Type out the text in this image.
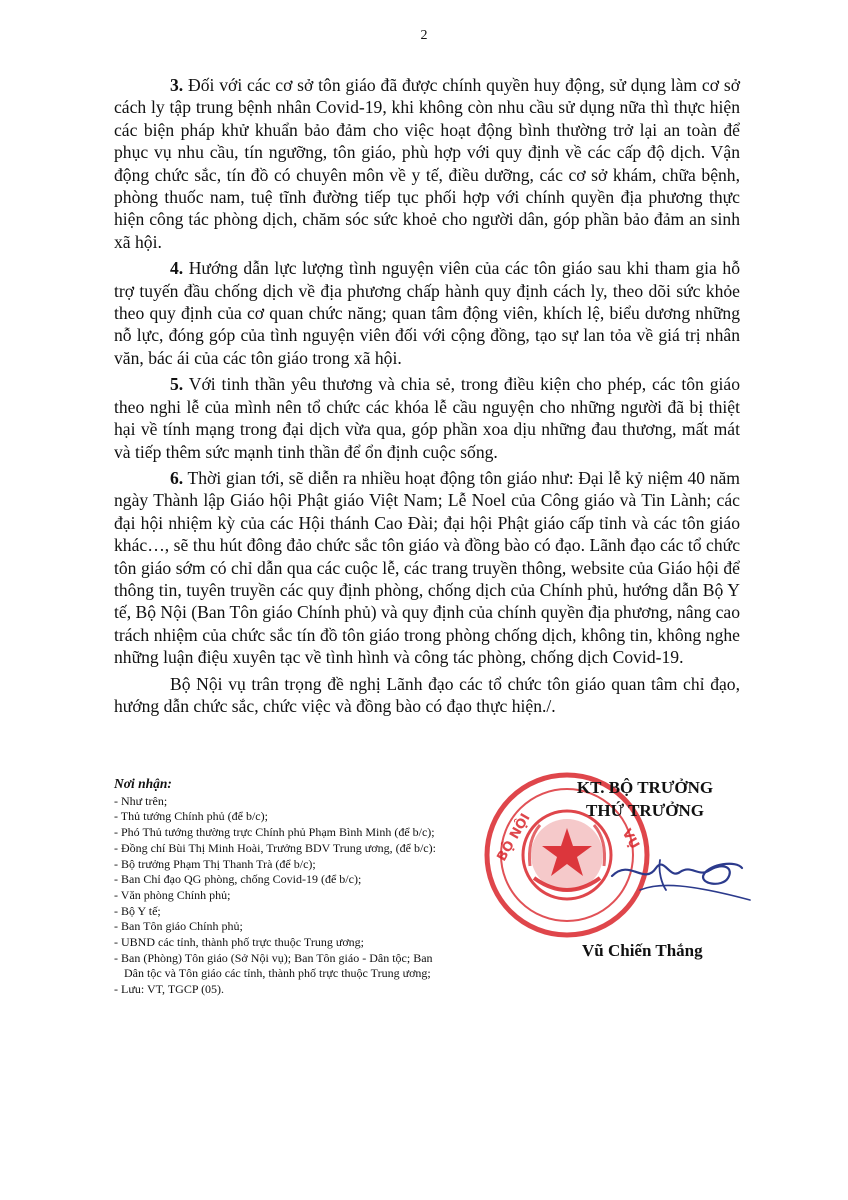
2

3. Đối với các cơ sở tôn giáo đã được chính quyền huy động, sử dụng làm cơ sở cách ly tập trung bệnh nhân Covid-19, khi không còn nhu cầu sử dụng nữa thì thực hiện các biện pháp khử khuẩn bảo đảm cho việc hoạt động bình thường trở lại an toàn để phục vụ nhu cầu, tín ngưỡng, tôn giáo, phù hợp với quy định về các cấp độ dịch. Vận động chức sắc, tín đồ có chuyên môn về y tế, điều dưỡng, các cơ sở khám, chữa bệnh, phòng thuốc nam, tuệ tĩnh đường tiếp tục phối hợp với chính quyền địa phương thực hiện công tác phòng dịch, chăm sóc sức khoẻ cho người dân, góp phần bảo đảm an sinh xã hội.

4. Hướng dẫn lực lượng tình nguyện viên của các tôn giáo sau khi tham gia hỗ trợ tuyến đầu chống dịch về địa phương chấp hành quy định cách ly, theo dõi sức khỏe theo quy định của cơ quan chức năng; quan tâm động viên, khích lệ, biểu dương những nỗ lực, đóng góp của tình nguyện viên đối với cộng đồng, tạo sự lan tỏa về giá trị nhân văn, bác ái của các tôn giáo trong xã hội.

5. Với tinh thần yêu thương và chia sẻ, trong điều kiện cho phép, các tôn giáo theo nghi lễ của mình nên tổ chức các khóa lễ cầu nguyện cho những người đã bị thiệt hại về tính mạng trong đại dịch vừa qua, góp phần xoa dịu những đau thương, mất mát và tiếp thêm sức mạnh tinh thần để ổn định cuộc sống.

6. Thời gian tới, sẽ diễn ra nhiều hoạt động tôn giáo như: Đại lễ kỷ niệm 40 năm ngày Thành lập Giáo hội Phật giáo Việt Nam; Lễ Noel của Công giáo và Tin Lành; các đại hội nhiệm kỳ của các Hội thánh Cao Đài; đại hội Phật giáo cấp tỉnh và các tôn giáo khác…, sẽ thu hút đông đảo chức sắc tôn giáo và đồng bào có đạo. Lãnh đạo các tổ chức tôn giáo sớm có chỉ dẫn qua các cuộc lễ, các trang truyền thông, website của Giáo hội để thông tin, tuyên truyền các quy định phòng, chống dịch của Chính phủ, hướng dẫn Bộ Y tế, Bộ Nội (Ban Tôn giáo Chính phủ) và quy định của chính quyền địa phương, nâng cao trách nhiệm của chức sắc tín đồ tôn giáo trong phòng chống dịch, không tin, không nghe những luận điệu xuyên tạc về tình hình và công tác phòng, chống dịch Covid-19.

Bộ Nội vụ trân trọng đề nghị Lãnh đạo các tổ chức tôn giáo quan tâm chỉ đạo, hướng dẫn chức sắc, chức việc và đồng bào có đạo thực hiện./.

Nơi nhận:

- Như trên;

- Thủ tướng Chính phủ (để b/c);

- Phó Thủ tướng thường trực Chính phủ Phạm Bình Minh (để b/c);

- Đồng chí Bùi Thị Minh Hoài, Trưởng BDV Trung ương, (để b/c):

- Bộ trưởng Phạm Thị Thanh Trà (để b/c);

- Ban Chỉ đạo QG phòng, chống Covid-19 (để b/c);

- Văn phòng Chính phủ;

- Bộ Y tế;

- Ban Tôn giáo Chính phủ;

- UBND các tỉnh, thành phố trực thuộc Trung ương;

- Ban (Phòng) Tôn giáo (Sở Nội vụ); Ban Tôn giáo - Dân tộc; Ban

Dân tộc và Tôn giáo các tỉnh, thành phố trực thuộc Trung ương;

- Lưu: VT, TGCP (05).

BỘ NỘI	VỤ
KT. BỘ TRƯỞNG
THỨ TRƯỞNG
Vũ Chiến Thắng
